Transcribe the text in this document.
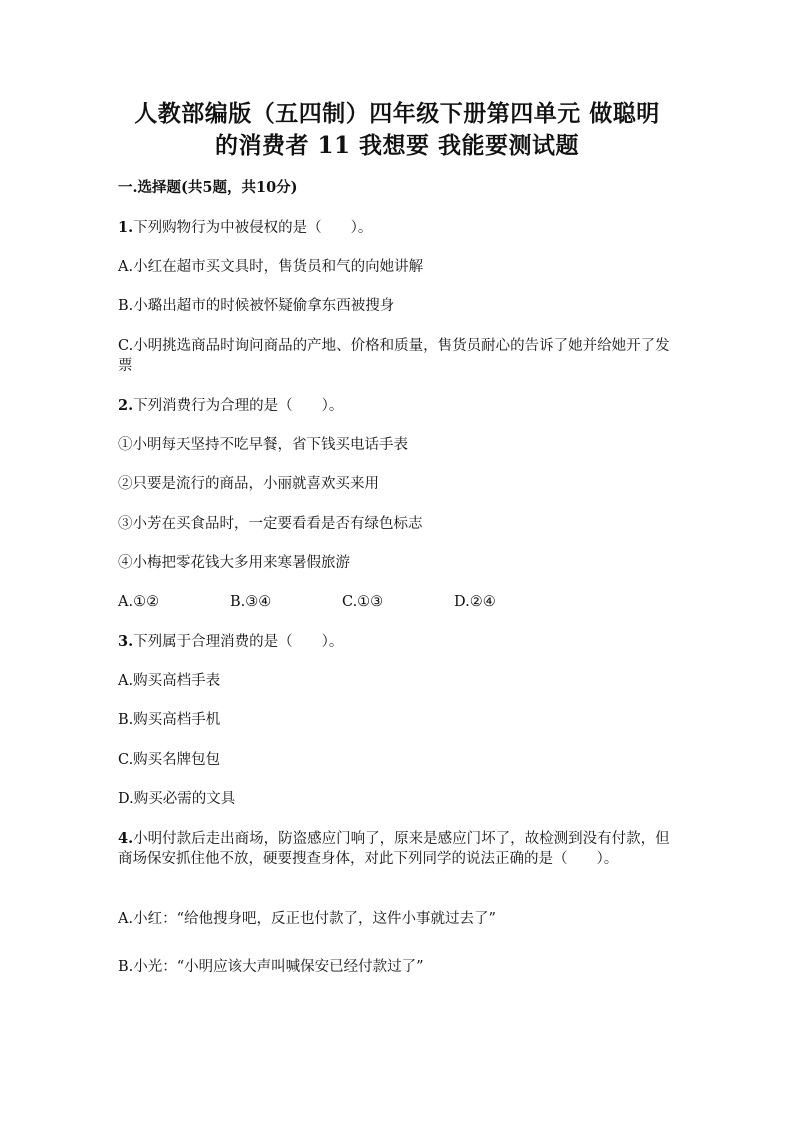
人教部编版（五四制）四年级下册第四单元 做聪明
的消费者 11 我想要 我能要测试题
一.选择题(共5题，共10分)
1.下列购物行为中被侵权的是（　　）。
A.小红在超市买文具时，售货员和气的向她讲解
B.小璐出超市的时候被怀疑偷拿东西被搜身
C.小明挑选商品时询问商品的产地、价格和质量，售货员耐心的告诉了她并给她开了发票
2.下列消费行为合理的是（　　）。
①小明每天坚持不吃早餐，省下钱买电话手表
②只要是流行的商品，小丽就喜欢买来用
③小芳在买食品时，一定要看看是否有绿色标志
④小梅把零花钱大多用来寒暑假旅游
A.①②	B.③④	C.①③	D.②④
3.下列属于合理消费的是（　　）。
A.购买高档手表
B.购买高档手机
C.购买名牌包包
D.购买必需的文具
4.小明付款后走出商场，防盗感应门响了，原来是感应门坏了，故检测到没有付款，但商场保安抓住他不放，硬要搜查身体，对此下列同学的说法正确的是（　　）。
A.小红：“给他搜身吧，反正也付款了，这件小事就过去了”
B.小光：“小明应该大声叫喊保安已经付款过了”
